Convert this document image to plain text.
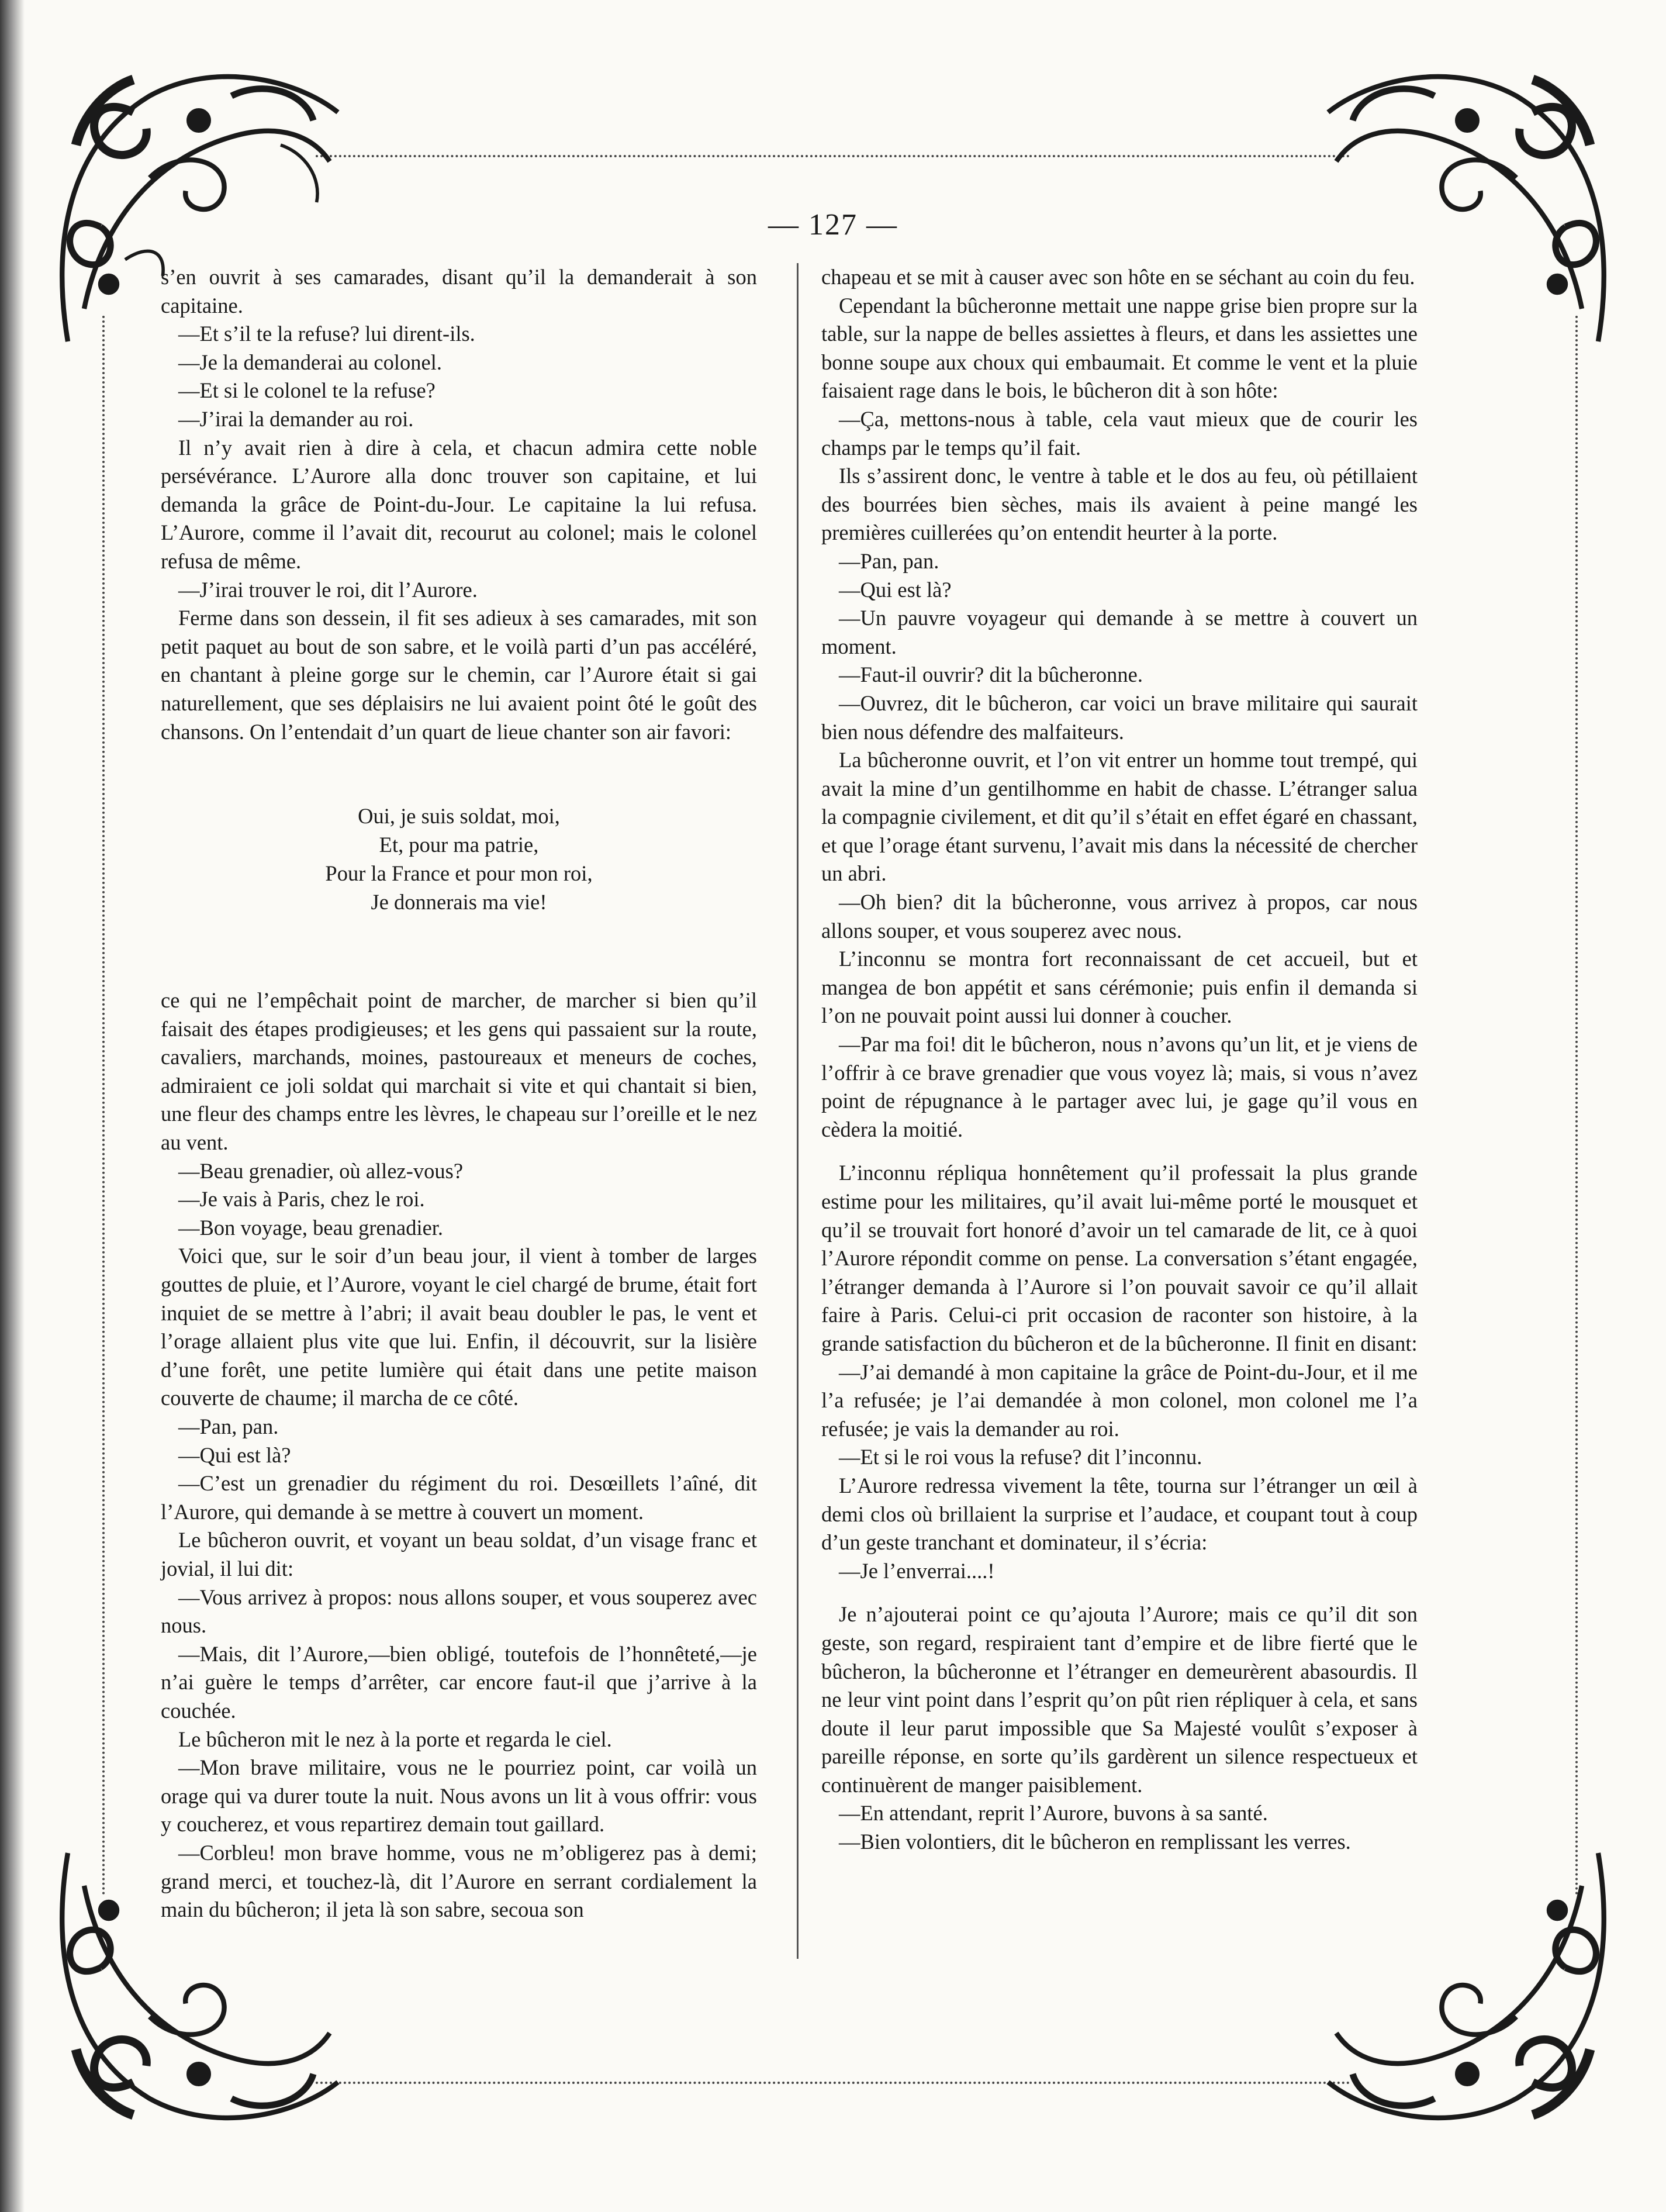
— 127 —

s’en ouvrit à ses camarades, disant qu’il la demanderait à son capitaine.

—Et s’il te la refuse? lui dirent-ils.

—Je la demanderai au colonel.

—Et si le colonel te la refuse?

—J’irai la demander au roi.

Il n’y avait rien à dire à cela, et chacun admira cette noble persévérance. L’Aurore alla donc trouver son capitaine, et lui demanda la grâce de Point-du-Jour. Le capitaine la lui refusa. L’Aurore, comme il l’avait dit, recourut au colonel; mais le colonel refusa de même.

—J’irai trouver le roi, dit l’Aurore.

Ferme dans son dessein, il fit ses adieux à ses camarades, mit son petit paquet au bout de son sabre, et le voilà parti d’un pas accéléré, en chantant à pleine gorge sur le chemin, car l’Aurore était si gai naturellement, que ses déplaisirs ne lui avaient point ôté le goût des chansons. On l’entendait d’un quart de lieue chanter son air favori:

Oui, je suis soldat, moi,
Et, pour ma patrie,
Pour la France et pour mon roi,
Je donnerais ma vie!

ce qui ne l’empêchait point de marcher, de marcher si bien qu’il faisait des étapes prodigieuses; et les gens qui passaient sur la route, cavaliers, marchands, moines, pastoureaux et meneurs de coches, admiraient ce joli soldat qui marchait si vite et qui chantait si bien, une fleur des champs entre les lèvres, le chapeau sur l’oreille et le nez au vent.

—Beau grenadier, où allez-vous?

—Je vais à Paris, chez le roi.

—Bon voyage, beau grenadier.

Voici que, sur le soir d’un beau jour, il vient à tomber de larges gouttes de pluie, et l’Aurore, voyant le ciel chargé de brume, était fort inquiet de se mettre à l’abri; il avait beau doubler le pas, le vent et l’orage allaient plus vite que lui. Enfin, il découvrit, sur la lisière d’une forêt, une petite lumière qui était dans une petite maison couverte de chaume; il marcha de ce côté.

—Pan, pan.

—Qui est là?

—C’est un grenadier du régiment du roi. Desœillets l’aîné, dit l’Aurore, qui demande à se mettre à couvert un moment.

Le bûcheron ouvrit, et voyant un beau soldat, d’un visage franc et jovial, il lui dit:

—Vous arrivez à propos: nous allons souper, et vous souperez avec nous.

—Mais, dit l’Aurore,—bien obligé, toutefois de l’honnêteté,—je n’ai guère le temps d’arrêter, car encore faut-il que j’arrive à la couchée.

Le bûcheron mit le nez à la porte et regarda le ciel.

—Mon brave militaire, vous ne le pourriez point, car voilà un orage qui va durer toute la nuit. Nous avons un lit à vous offrir: vous y coucherez, et vous repartirez demain tout gaillard.

—Corbleu! mon brave homme, vous ne m’obligerez pas à demi; grand merci, et touchez-là, dit l’Aurore en serrant cordialement la main du bûcheron; il jeta là son sabre, secoua son

chapeau et se mit à causer avec son hôte en se séchant au coin du feu.

Cependant la bûcheronne mettait une nappe grise bien propre sur la table, sur la nappe de belles assiettes à fleurs, et dans les assiettes une bonne soupe aux choux qui embaumait. Et comme le vent et la pluie faisaient rage dans le bois, le bûcheron dit à son hôte:

—Ça, mettons-nous à table, cela vaut mieux que de courir les champs par le temps qu’il fait.

Ils s’assirent donc, le ventre à table et le dos au feu, où pétillaient des bourrées bien sèches, mais ils avaient à peine mangé les premières cuillerées qu’on entendit heurter à la porte.

—Pan, pan.

—Qui est là?

—Un pauvre voyageur qui demande à se mettre à couvert un moment.

—Faut-il ouvrir? dit la bûcheronne.

—Ouvrez, dit le bûcheron, car voici un brave militaire qui saurait bien nous défendre des malfaiteurs.

La bûcheronne ouvrit, et l’on vit entrer un homme tout trempé, qui avait la mine d’un gentilhomme en habit de chasse. L’étranger salua la compagnie civilement, et dit qu’il s’était en effet égaré en chassant, et que l’orage étant survenu, l’avait mis dans la nécessité de chercher un abri.

—Oh bien? dit la bûcheronne, vous arrivez à propos, car nous allons souper, et vous souperez avec nous.

L’inconnu se montra fort reconnaissant de cet accueil, but et mangea de bon appétit et sans cérémonie; puis enfin il demanda si l’on ne pouvait point aussi lui donner à coucher.

—Par ma foi! dit le bûcheron, nous n’avons qu’un lit, et je viens de l’offrir à ce brave grenadier que vous voyez là; mais, si vous n’avez point de répugnance à le partager avec lui, je gage qu’il vous en cèdera la moitié.

L’inconnu répliqua honnêtement qu’il professait la plus grande estime pour les militaires, qu’il avait lui-même porté le mousquet et qu’il se trouvait fort honoré d’avoir un tel camarade de lit, ce à quoi l’Aurore répondit comme on pense. La conversation s’étant engagée, l’étranger demanda à l’Aurore si l’on pouvait savoir ce qu’il allait faire à Paris. Celui-ci prit occasion de raconter son histoire, à la grande satisfaction du bûcheron et de la bûcheronne. Il finit en disant:

—J’ai demandé à mon capitaine la grâce de Point-du-Jour, et il me l’a refusée; je l’ai demandée à mon colonel, mon colonel me l’a refusée; je vais la demander au roi.

—Et si le roi vous la refuse? dit l’inconnu.

L’Aurore redressa vivement la tête, tourna sur l’étranger un œil à demi clos où brillaient la surprise et l’audace, et coupant tout à coup d’un geste tranchant et dominateur, il s’écria:

—Je l’enverrai....!

Je n’ajouterai point ce qu’ajouta l’Aurore; mais ce qu’il dit son geste, son regard, respiraient tant d’empire et de libre fierté que le bûcheron, la bûcheronne et l’étranger en demeurèrent abasourdis. Il ne leur vint point dans l’esprit qu’on pût rien répliquer à cela, et sans doute il leur parut impossible que Sa Majesté voulût s’exposer à pareille réponse, en sorte qu’ils gardèrent un silence respectueux et continuèrent de manger paisiblement.

—En attendant, reprit l’Aurore, buvons à sa santé.

—Bien volontiers, dit le bûcheron en remplissant les verres.
